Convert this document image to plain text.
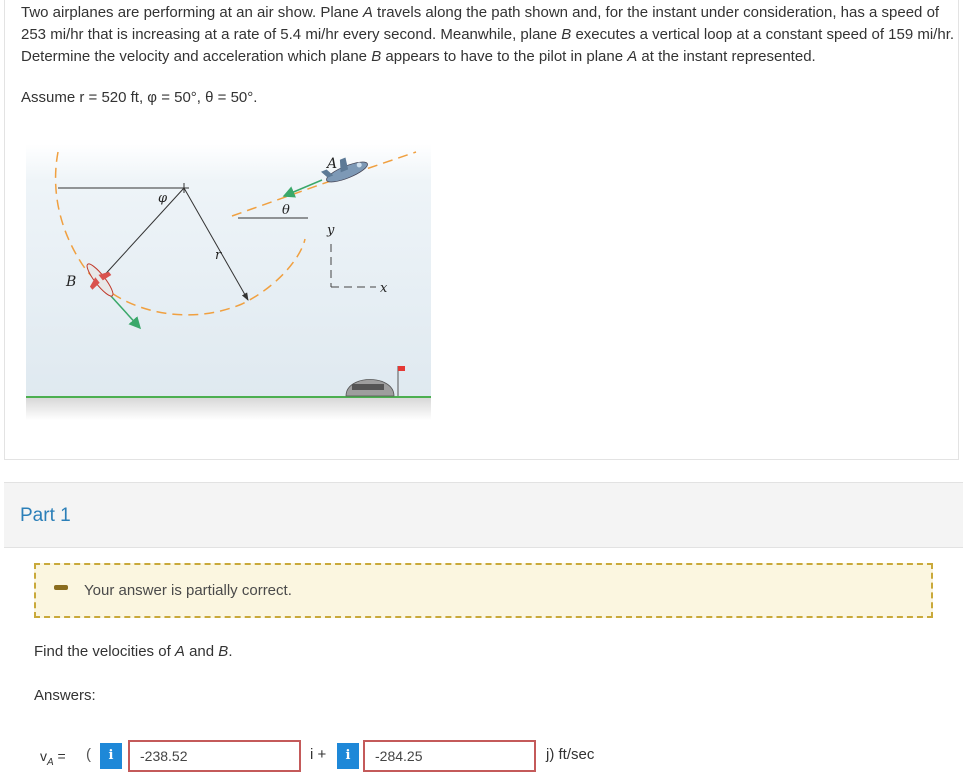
Two airplanes are performing at an air show. Plane A travels along the path shown and, for the instant under consideration, has a speed of 253 mi/hr that is increasing at a rate of 5.4 mi/hr every second. Meanwhile, plane B executes a vertical loop at a constant speed of 159 mi/hr. Determine the velocity and acceleration which plane B appears to have to the pilot in plane A at the instant represented.

Assume r = 520 ft, φ = 50°, θ = 50°.
A
B
φ
θ
r
y
x
Part 1
Your answer is partially correct.
Find the velocities of A and B.
Answers:
$v_A$ = (	i
-238.52	i +	i
-284.25	j) ft/sec
